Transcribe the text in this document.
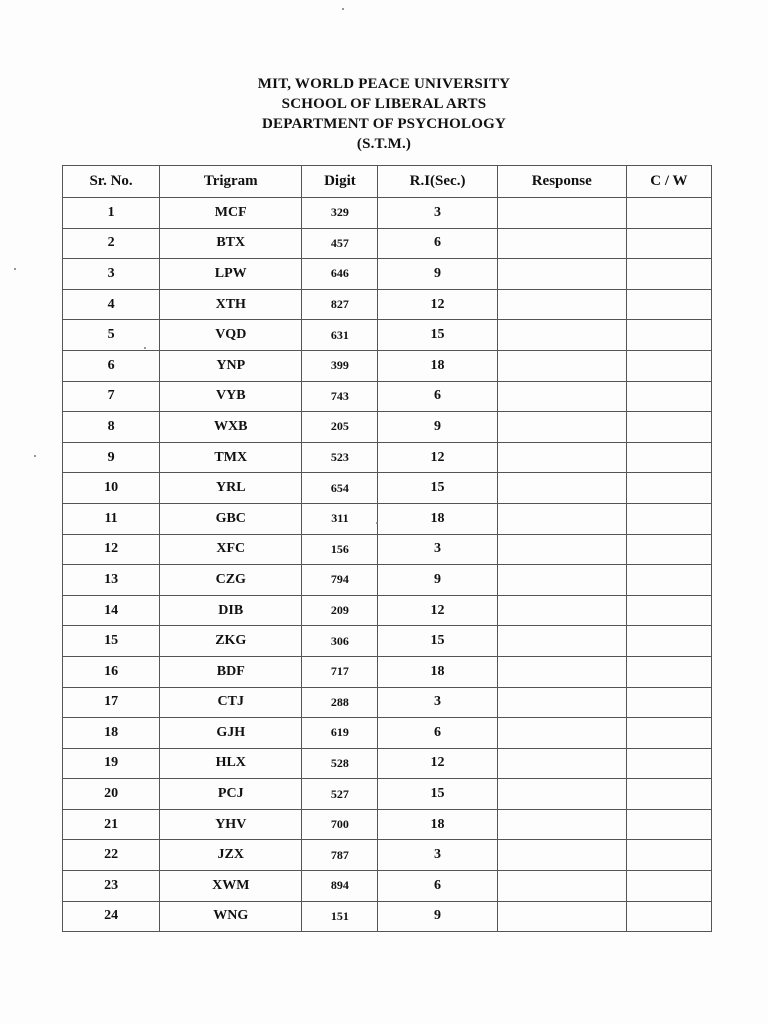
MIT, WORLD PEACE UNIVERSITY
SCHOOL OF LIBERAL ARTS
DEPARTMENT OF PSYCHOLOGY
(S.T.M.)
Sr. No.	Trigram	Digit	R.I(Sec.)	Response	C / W
1	MCF	329	3		
2	BTX	457	6		
3	LPW	646	9		
4	XTH	827	12		
5	VQD	631	15		
6	YNP	399	18		
7	VYB	743	6		
8	WXB	205	9		
9	TMX	523	12		
10	YRL	654	15		
11	GBC	311	18		
12	XFC	156	3		
13	CZG	794	9		
14	DIB	209	12		
15	ZKG	306	15		
16	BDF	717	18		
17	CTJ	288	3		
18	GJH	619	6		
19	HLX	528	12		
20	PCJ	527	15		
21	YHV	700	18		
22	JZX	787	3		
23	XWM	894	6		
24	WNG	151	9		
